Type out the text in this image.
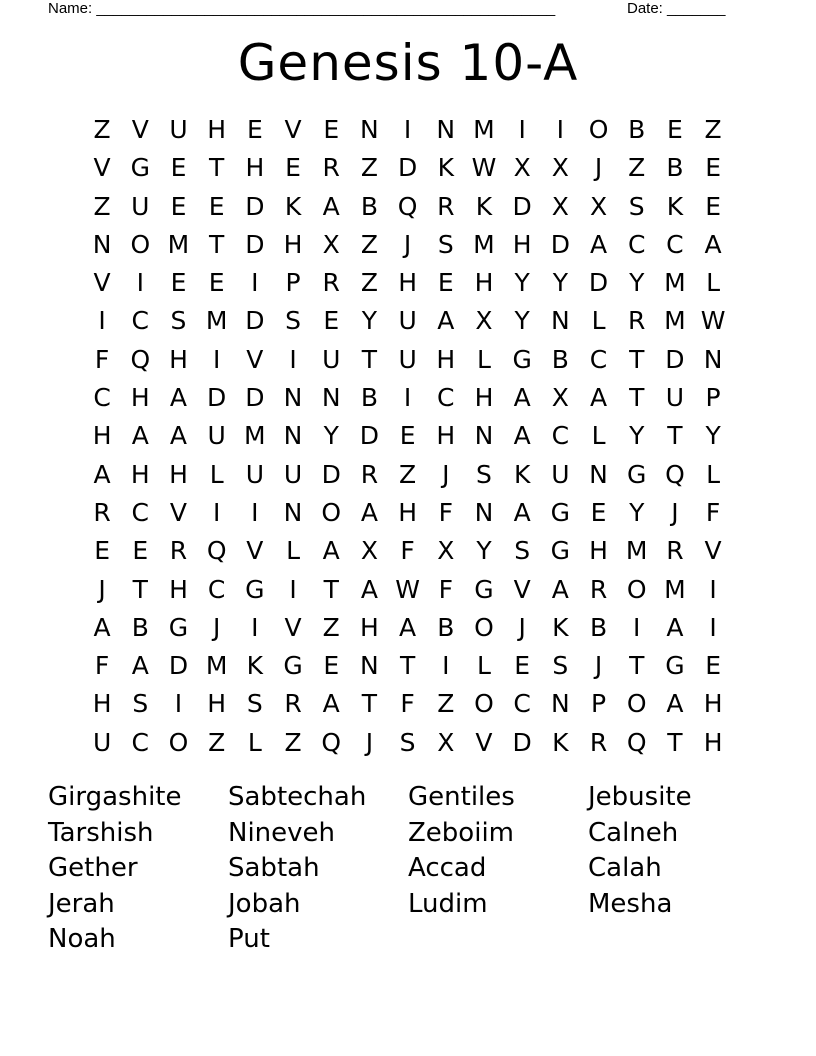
Name: _______________________________________________________	Date: _______
Genesis 10-A
Z V U H E V E N	I	N M I	I O B E Z
V G E T H E R Z D K W X X	J	Z B E
Z U E E D K A B Q R K D X X S K E
N O M T D H X Z	J	S M H D A C C A
V	I	E E	I	P R Z H E H Y Y D Y M L
I	C S M D S E Y U A X Y N L R M W
F Q H	I	V	I	U T U H L G B C T D N
C H A D D N N B	I	C H A X A T U P
H A A U M N Y D E H N A C L Y T Y
A H H L U U D R Z	J	S K U N G Q L
R C V	I	I	N O A H F N A G E Y	J	F
E E R Q V L A X F X Y S G H M R V
J	T H C G I	T A W F G V A R O M I
A B G J	I	V Z H A B O J	K B	I	A	I
F A D M K G E N T	I	L E S	J	T G E
H S	I	H S R A T F Z O C N P O A H
U C O Z L Z Q J	S X V D K R Q T H
Girgashite	Sabtechah	Gentiles	Jebusite
Tarshish	Nineveh	Zeboiim	Calneh
Gether	Sabtah	Accad	Calah
Jerah	Jobah	Ludim	Mesha
Noah	Put
